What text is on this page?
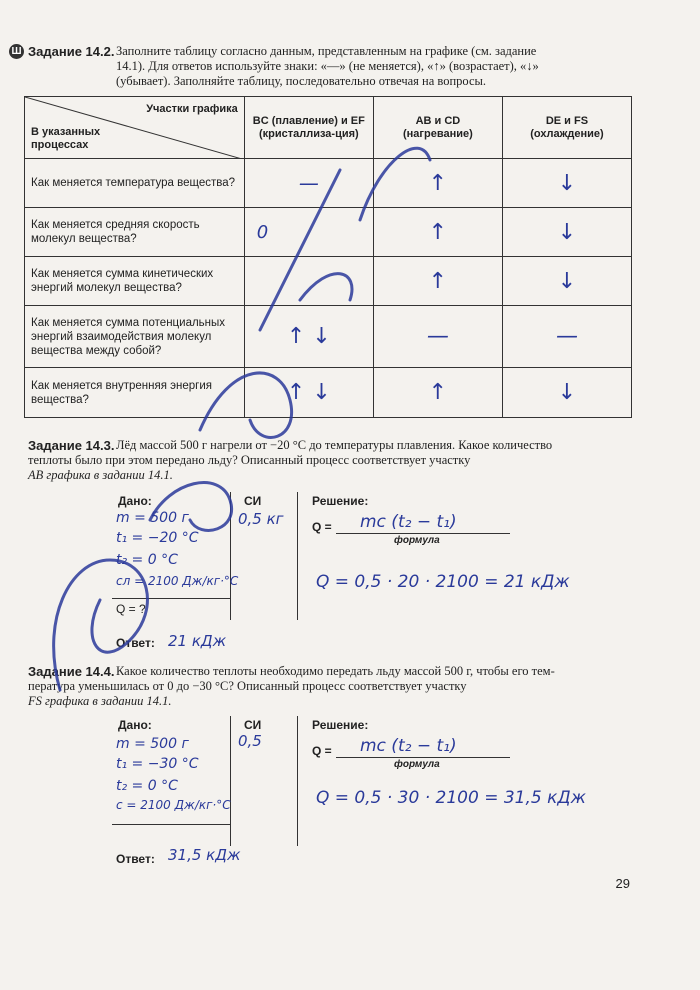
Ш Задание 14.2. Заполните таблицу согласно данным, представленным на графике (см. задание
14.1). Для ответов используйте знаки: «—» (не меняется), «↑» (возрастает), «↓»
(убывает). Заполняйте таблицу, последовательно отвечая на вопросы.
Участки графика
В указанных процессах	BC (плавление) и EF (кристаллиза-ция)	AB и CD (нагревание)	DE и FS (охлаждение)
Как меняется температура вещества?	—	↑	↓
Как меняется средняя скорость молекул вещества?	0	↑	↓
Как меняется сумма кинетических энергий молекул вещества?		↑	↓
Как меняется сумма потенциальных энергий взаимодействия молекул вещества между собой?	↑ ↓	—	—
Как меняется внутренняя энергия вещества?	↑ ↓	↑	↓
Задание 14.3. Лёд массой 500 г нагрели от −20 °С до температуры плавления. Какое количество
теплоты было при этом передано льду? Описанный процесс соответствует участку
AB графика в задании 14.1.
Дано:	СИ	Решение:
m = 500 г
t₁ = −20 °С
t₂ = 0 °С
cл = 2100 Дж/кг·°С
Q = ?
0,5 кг Q = mc (t₂ − t₁)
формула
Q = 0,5 · 20 · 2100 = 21 кДж
Ответ: 21 кДж
Задание 14.4. Какое количество теплоты необходимо передать льду массой 500 г, чтобы его тем-
пература уменьшилась от 0 до −30 °С? Описанный процесс соответствует участку
FS графика в задании 14.1.
Дано:	СИ	Решение:
m = 500 г
t₁ = −30 °С
t₂ = 0 °С
c = 2100 Дж/кг·°С
0,5
Q = mc (t₂ − t₁)
формула
Q = 0,5 · 30 · 2100 = 31,5 кДж
Ответ: 31,5 кДж
29
